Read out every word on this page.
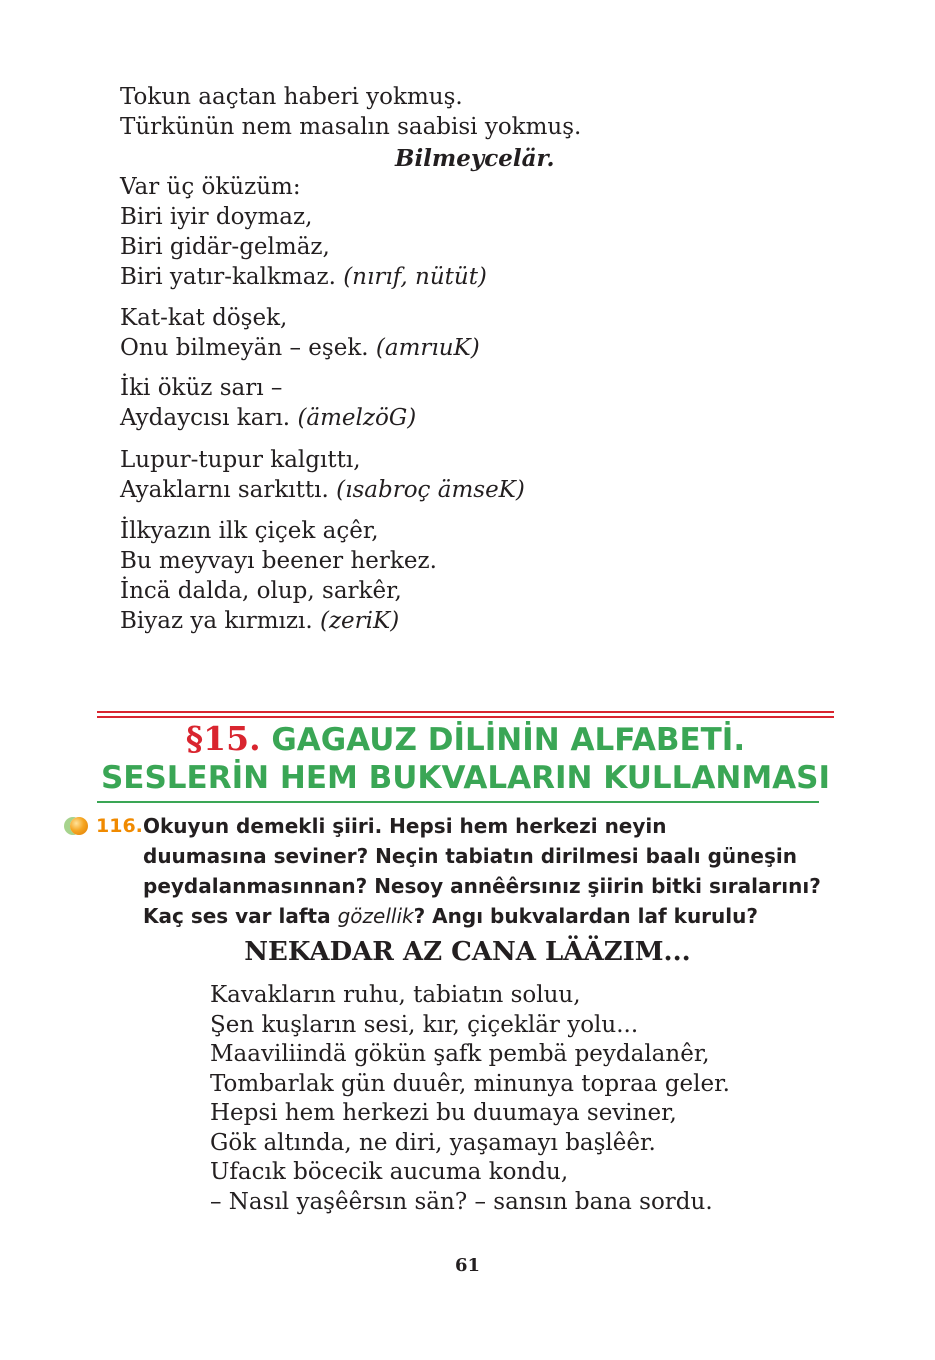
Tokun aaçtan haberi yokmuş.
Türkünün nem masalın saabisi yokmuş.
Bilmeycelär.
Var üç öküzüm:
Biri iyir doymaz,
Biri gidär-gelmäz,
Biri yatır-kalkmaz. (nırıf, nütüt)
Kat-kat döşek,
Onu bilmeyän – eşek. (amrıuK)
İki öküz sarı –
Aydaycısı karı. (ämelzöG)
Lupur-tupur kalgıttı,
Ayaklarnı sarkıttı. (ısabroç ämseK)
İlkyazın ilk çiçek açêr,
Bu meyvayı beener herkez.
İncä dalda, olup, sarkêr,
Biyaz ya kırmızı. (zeriK)
§15. GAGAUZ DİLİNİN ALFABETİ.
SESLERİN HEM BUKVALARIN KULLANMASI
116. Okuyun demekli şiiri. Hepsi hem herkezi neyin
duumasına seviner? Neçin tabiatın dirilmesi baalı güneşin
peydalanmasınnan? Nesoy annêêrsınız şiirin bitki sıralarını?
Kaç ses var lafta gözellik? Angı bukvalardan laf kurulu?
NEKADAR AZ CANA LÄÄZIM...
Kavakların ruhu, tabiatın soluu,
Şen kuşların sesi, kır, çiçeklär yolu...
Maaviliindä gökün şafk pembä peydalanêr,
Tombarlak gün duuêr, minunya topraa geler.
Hepsi hem herkezi bu duumaya seviner,
Gök altında, ne diri, yaşamayı başlêêr.
Ufacık böcecik aucuma kondu,
– Nasıl yaşêêrsın sän? – sansın bana sordu.
61
